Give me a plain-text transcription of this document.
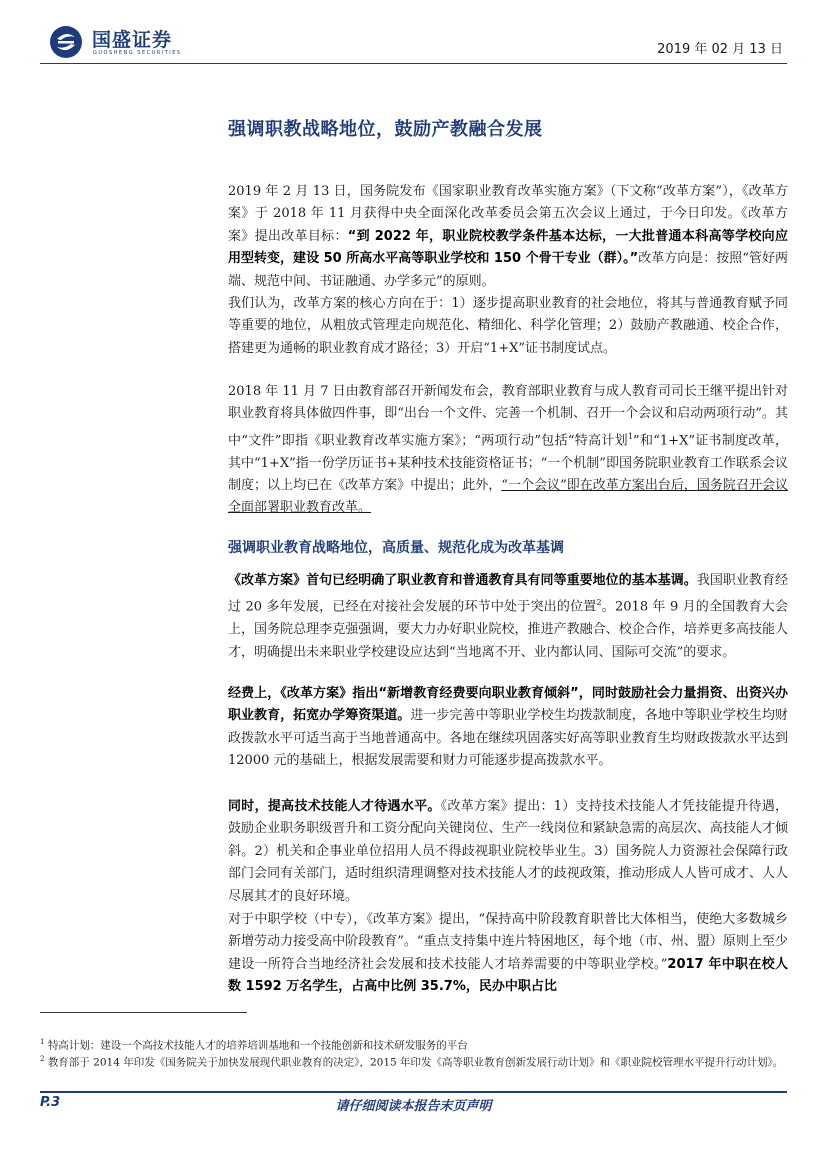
国盛证券
GUOSHENG SECURITIES	2019 年 02 月 13 日
强调职教战略地位，鼓励产教融合发展
2019 年 2 月 13 日，国务院发布《国家职业教育改革实施方案》（下文称“改革方案”），《改革方案》于 2018 年 11 月获得中央全面深化改革委员会第五次会议上通过，于今日印发。《改革方案》提出改革目标：“到 2022 年，职业院校教学条件基本达标，一大批普通本科高等学校向应用型转变，建设 50 所高水平高等职业学校和 150 个骨干专业（群）。”改革方向是：按照“管好两端、规范中间、书证融通、办学多元”的原则。
我们认为，改革方案的核心方向在于：1）逐步提高职业教育的社会地位，将其与普通教育赋予同等重要的地位，从粗放式管理走向规范化、精细化、科学化管理；2）鼓励产教融通、校企合作，搭建更为通畅的职业教育成才路径；3）开启“1+X”证书制度试点。
2018 年 11 月 7 日由教育部召开新闻发布会，教育部职业教育与成人教育司司长王继平提出针对职业教育将具体做四件事，即“出台一个文件、完善一个机制、召开一个会议和启动两项行动”。其中“文件”即指《职业教育改革实施方案》；“两项行动”包括“特高计划$^1$”和“1+X”证书制度改革，其中“1+X”指一份学历证书+某种技术技能资格证书；“一个机制”即国务院职业教育工作联系会议制度；以上均已在《改革方案》中提出；此外，“一个会议”即在改革方案出台后，国务院召开会议全面部署职业教育改革。
强调职业教育战略地位，高质量、规范化成为改革基调
《改革方案》首句已经明确了职业教育和普通教育具有同等重要地位的基本基调。我国职业教育经过 20 多年发展，已经在对接社会发展的环节中处于突出的位置$^2$。2018 年 9 月的全国教育大会上，国务院总理李克强强调，要大力办好职业院校，推进产教融合、校企合作，培养更多高技能人才，明确提出未来职业学校建设应达到“当地离不开、业内都认同、国际可交流”的要求。
经费上，《改革方案》指出“新增教育经费要向职业教育倾斜”，同时鼓励社会力量捐资、出资兴办职业教育，拓宽办学筹资渠道。进一步完善中等职业学校生均拨款制度，各地中等职业学校生均财政拨款水平可适当高于当地普通高中。各地在继续巩固落实好高等职业教育生均财政拨款水平达到 12000 元的基础上，根据发展需要和财力可能逐步提高拨款水平。
同时，提高技术技能人才待遇水平。《改革方案》提出：1）支持技术技能人才凭技能提升待遇，鼓励企业职务职级晋升和工资分配向关键岗位、生产一线岗位和紧缺急需的高层次、高技能人才倾斜。2）机关和企事业单位招用人员不得歧视职业院校毕业生。3）国务院人力资源社会保障行政部门会同有关部门，适时组织清理调整对技术技能人才的歧视政策，推动形成人人皆可成才、人人尽展其才的良好环境。
对于中职学校（中专），《改革方案》提出，“保持高中阶段教育职普比大体相当，使绝大多数城乡新增劳动力接受高中阶段教育”。“重点支持集中连片特困地区，每个地（市、州、盟）原则上至少建设一所符合当地经济社会发展和技术技能人才培养需要的中等职业学校。”2017 年中职在校人数 1592 万名学生，占高中比例 35.7%，民办中职占比
$^1$ 特高计划：建设一个高技术技能人才的培养培训基地和一个技能创新和技术研发服务的平台
$^2$ 教育部于 2014 年印发《国务院关于加快发展现代职业教育的决定》，2015 年印发《高等职业教育创新发展行动计划》和《职业院校管理水平提升行动计划》。
P.3	请仔细阅读本报告末页声明
